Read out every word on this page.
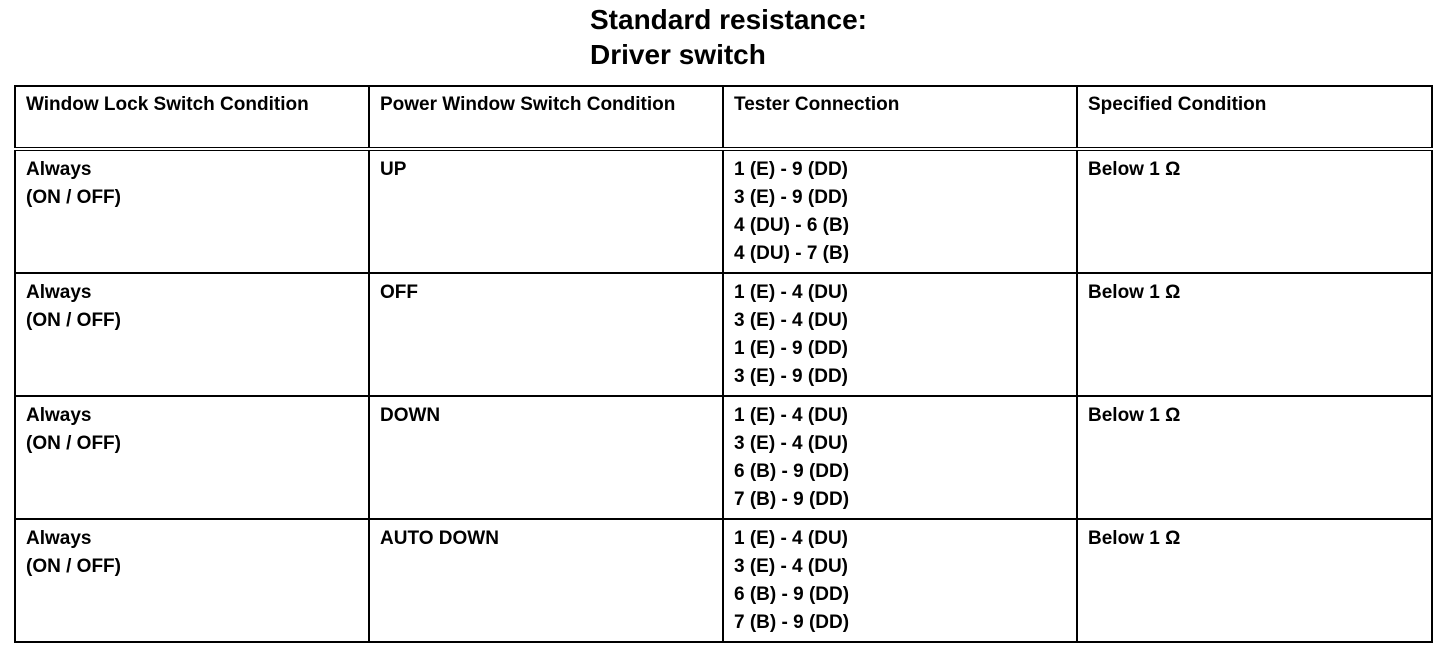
Standard resistance:
Driver switch
Window Lock Switch Condition	Power Window Switch Condition	Tester Connection	Specified Condition

Always
(ON / OFF)	UP	1 (E) - 9 (DD)
3 (E) - 9 (DD)
4 (DU) - 6 (B)
4 (DU) - 7 (B)	Below 1 Ω

Always
(ON / OFF)	OFF	1 (E) - 4 (DU)
3 (E) - 4 (DU)
1 (E) - 9 (DD)
3 (E) - 9 (DD)	Below 1 Ω

Always
(ON / OFF)	DOWN	1 (E) - 4 (DU)
3 (E) - 4 (DU)
6 (B) - 9 (DD)
7 (B) - 9 (DD)	Below 1 Ω

Always
(ON / OFF)	AUTO DOWN	1 (E) - 4 (DU)
3 (E) - 4 (DU)
6 (B) - 9 (DD)
7 (B) - 9 (DD)	Below 1 Ω
